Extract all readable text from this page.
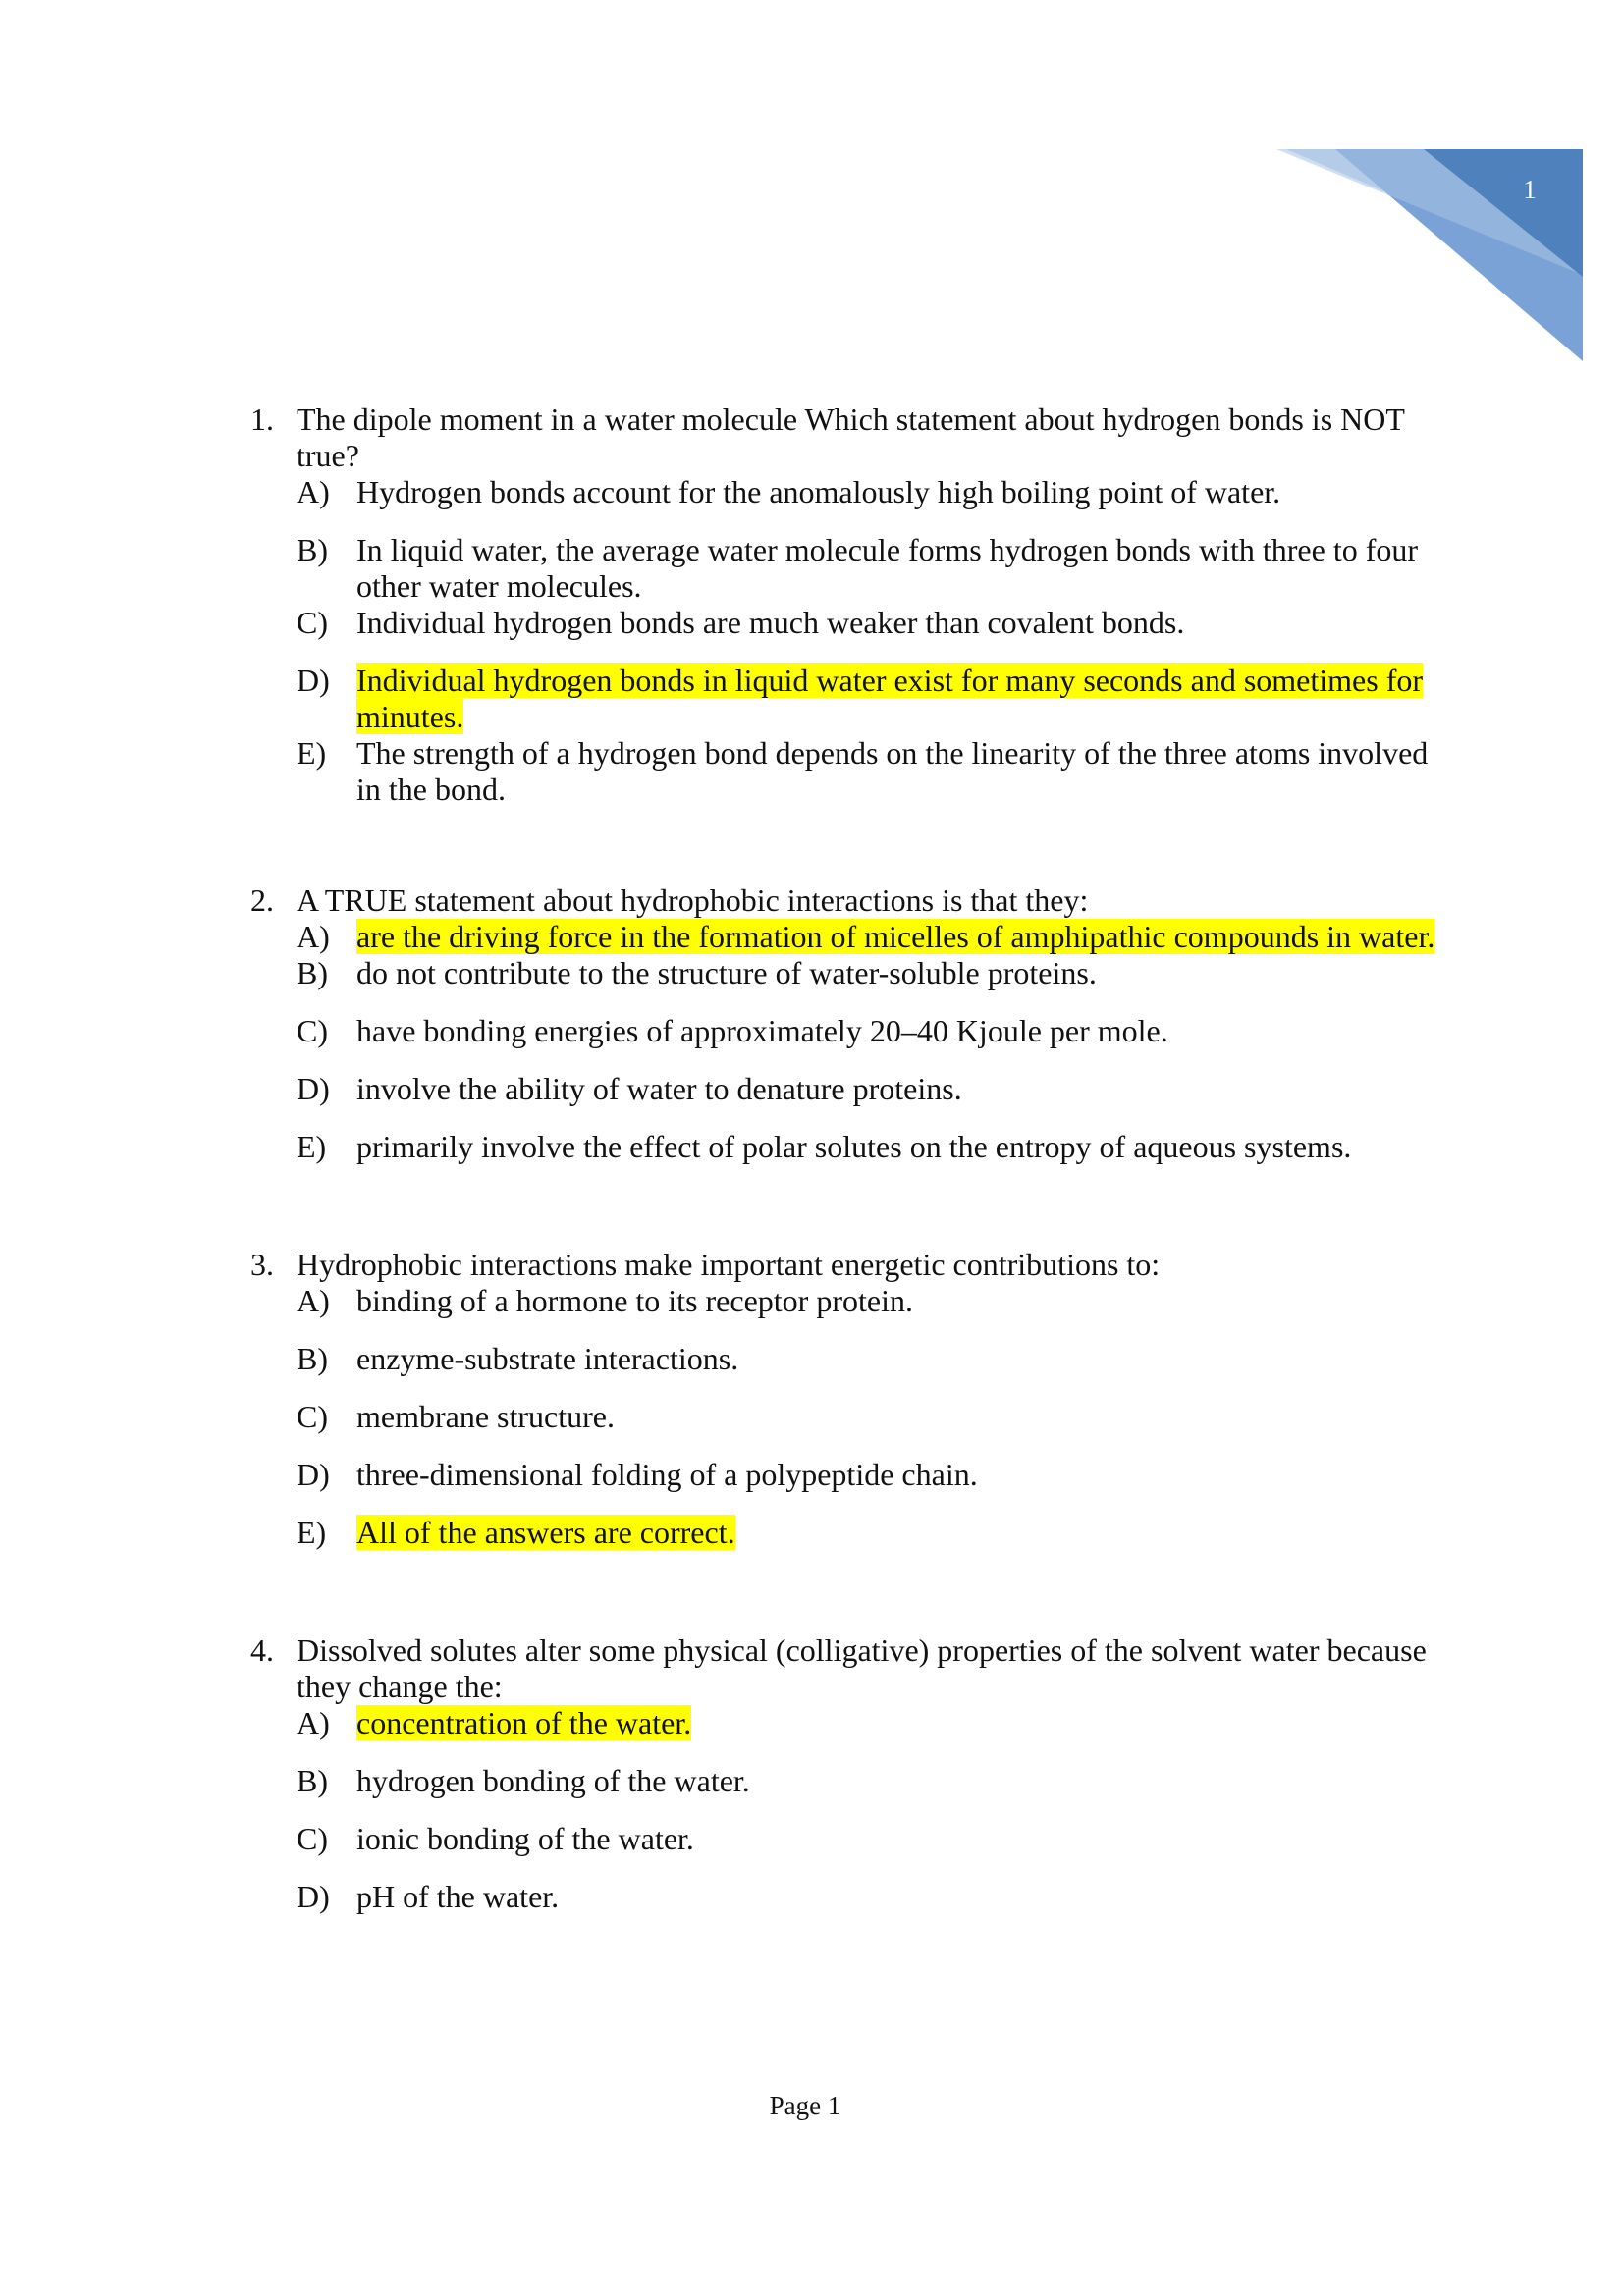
1
1. The dipole moment in a water molecule Which statement about hydrogen bonds is NOT true?
A) Hydrogen bonds account for the anomalously high boiling point of water.
B) In liquid water, the average water molecule forms hydrogen bonds with three to four other water molecules.
C) Individual hydrogen bonds are much weaker than covalent bonds.
D) Individual hydrogen bonds in liquid water exist for many seconds and sometimes for minutes.
E) The strength of a hydrogen bond depends on the linearity of the three atoms involved in the bond.
2. A TRUE statement about hydrophobic interactions is that they:
A) are the driving force in the formation of micelles of amphipathic compounds in water.
B) do not contribute to the structure of water-soluble proteins.
C) have bonding energies of approximately 20–40 Kjoule per mole.
D) involve the ability of water to denature proteins.
E) primarily involve the effect of polar solutes on the entropy of aqueous systems.
3. Hydrophobic interactions make important energetic contributions to:
A) binding of a hormone to its receptor protein.
B) enzyme-substrate interactions.
C) membrane structure.
D) three-dimensional folding of a polypeptide chain.
E) All of the answers are correct.
4. Dissolved solutes alter some physical (colligative) properties of the solvent water because they change the:
A) concentration of the water.
B) hydrogen bonding of the water.
C) ionic bonding of the water.
D) pH of the water.
Page 1
